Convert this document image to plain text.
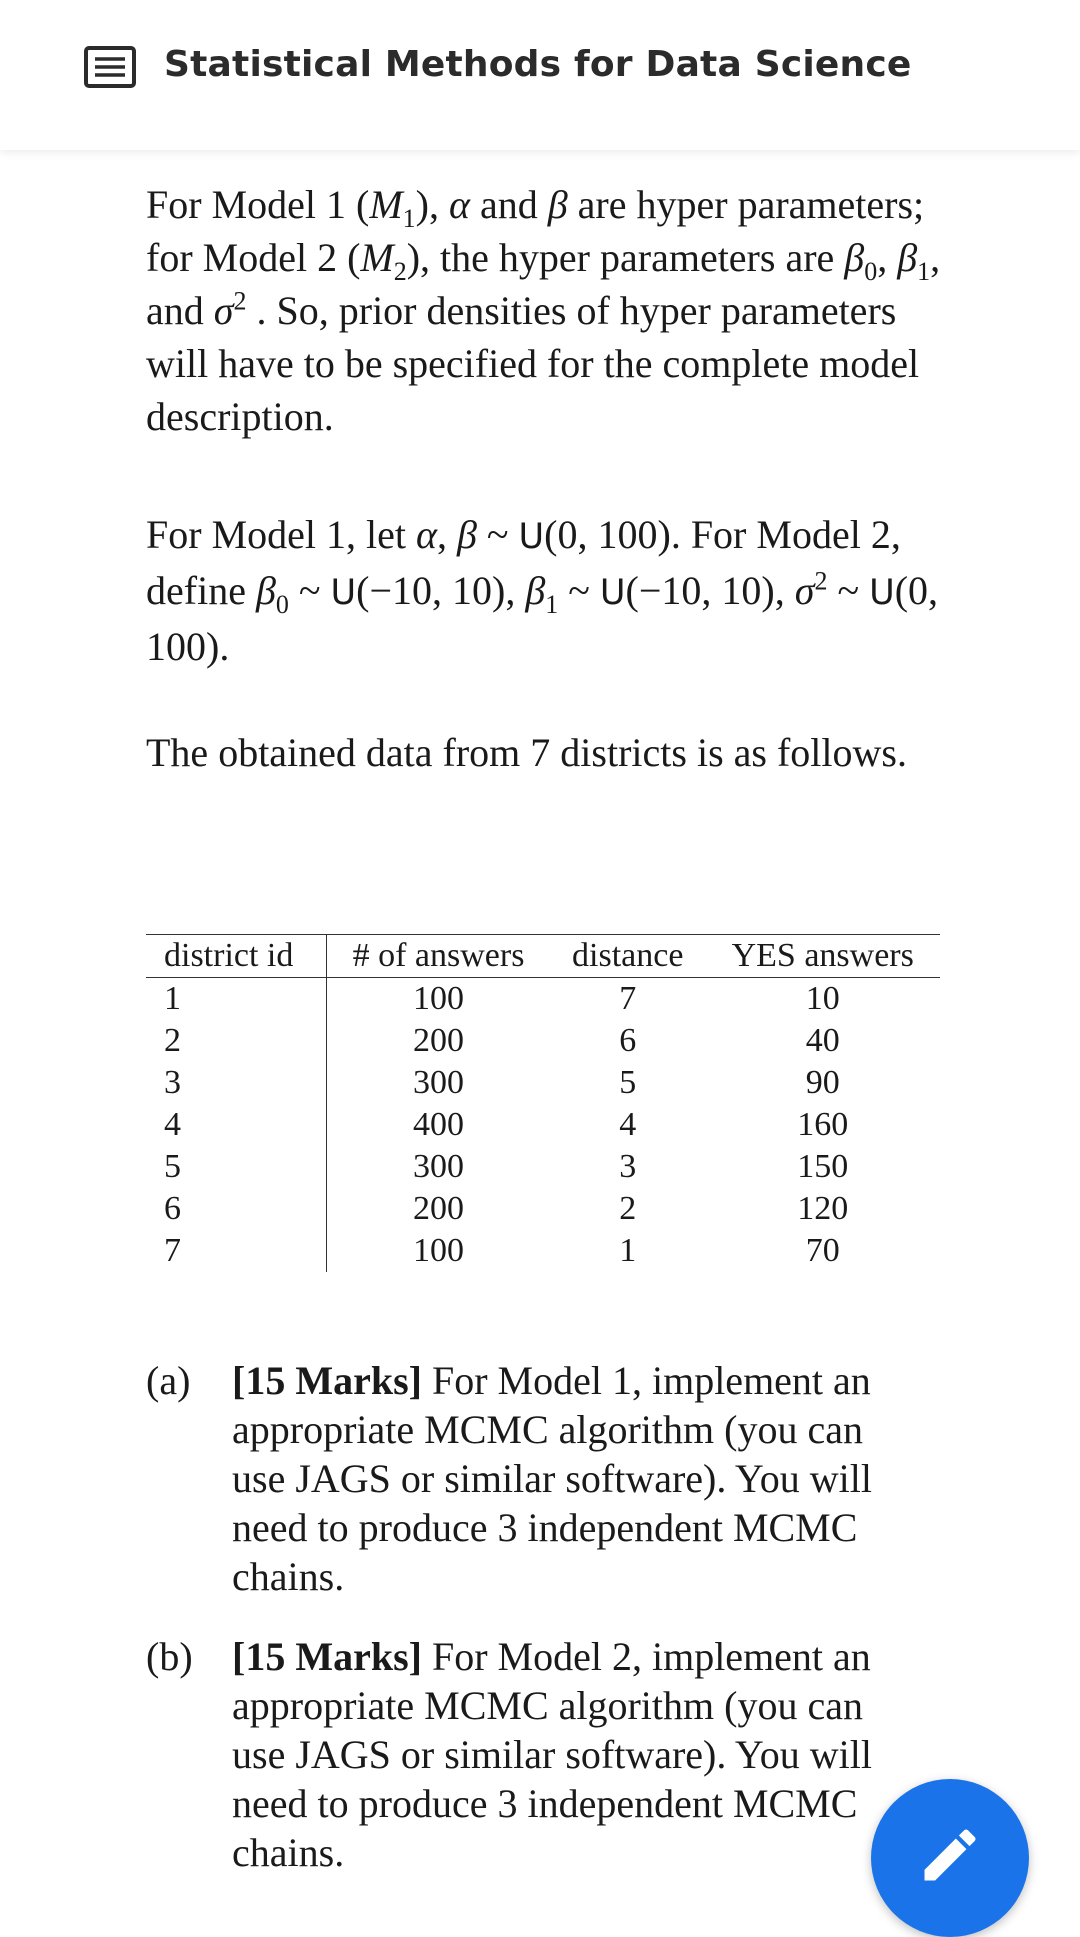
Statistical Methods for Data Science

For Model 1 $(M_1)$, α and β are hyper parameters; for Model 2 $(M_2)$, the hyper parameters are $\beta_0$, $\beta_1$, and $\sigma^2$ . So, prior densities of hyper parameters will have to be specified for the complete model description.

For Model 1, let α, β ~ U(0, 100). For Model 2, define $\beta_0$ ~ U(−10, 10), $\beta_1$ ~ U(−10, 10), $\sigma^2$ ~ U(0, 100).

The obtained data from 7 districts is as follows.

district id	# of answers	distance	YES answers
1	100	7	10
2	200	6	40
3	300	5	90
4	400	4	160
5	300	3	150
6	200	2	120
7	100	1	70
(a) [15 Marks] For Model 1, implement an appropriate MCMC algorithm (you can use JAGS or similar software). You will need to produce 3 independent MCMC chains.
(b) [15 Marks] For Model 2, implement an appropriate MCMC algorithm (you can use JAGS or similar software). You will need to produce 3 independent MCMC chains.
